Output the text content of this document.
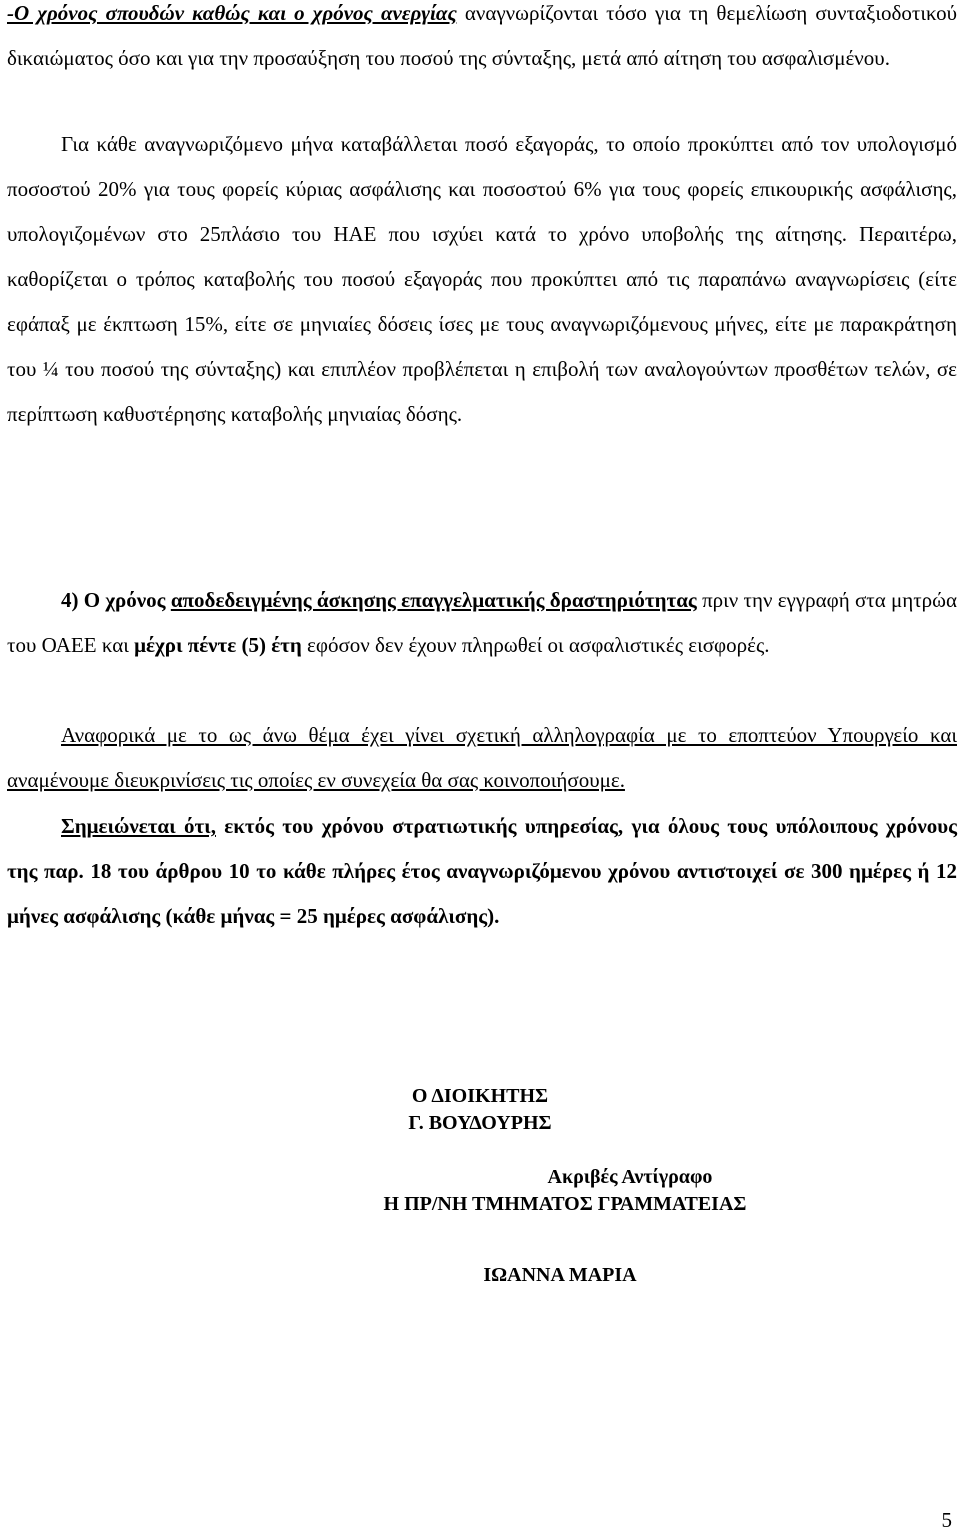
-Ο χρόνος σπουδών καθώς και ο χρόνος ανεργίας αναγνωρίζονται τόσο για τη θεμελίωση συνταξιοδοτικού δικαιώματος όσο και για την προσαύξηση του ποσού της σύνταξης, μετά από αίτηση του ασφαλισμένου.
Για κάθε αναγνωριζόμενο μήνα καταβάλλεται ποσό εξαγοράς, το οποίο προκύπτει από τον υπολογισμό ποσοστού 20% για τους φορείς κύριας ασφάλισης και ποσοστού 6% για τους φορείς επικουρικής ασφάλισης, υπολογιζομένων στο 25πλάσιο του ΗΑΕ που ισχύει κατά το χρόνο υποβολής της αίτησης. Περαιτέρω, καθορίζεται ο τρόπος καταβολής του ποσού εξαγοράς που προκύπτει από τις παραπάνω αναγνωρίσεις (είτε εφάπαξ με έκπτωση 15%, είτε σε μηνιαίες δόσεις ίσες με τους αναγνωριζόμενους μήνες, είτε με παρακράτηση του ¼ του ποσού της σύνταξης) και επιπλέον προβλέπεται η επιβολή των αναλογούντων προσθέτων τελών, σε περίπτωση καθυστέρησης καταβολής μηνιαίας δόσης.
4) Ο χρόνος αποδεδειγμένης άσκησης επαγγελματικής δραστηριότητας πριν την εγγραφή στα μητρώα του ΟΑΕΕ και μέχρι πέντε (5) έτη εφόσον δεν έχουν πληρωθεί οι ασφαλιστικές εισφορές.
Αναφορικά με το ως άνω θέμα έχει γίνει σχετική αλληλογραφία με το εποπτεύον Υπουργείο και αναμένουμε διευκρινίσεις τις οποίες εν συνεχεία θα σας κοινοποιήσουμε.
Σημειώνεται ότι, εκτός του χρόνου στρατιωτικής υπηρεσίας, για όλους τους υπόλοιπους χρόνους της παρ. 18 του άρθρου 10 το κάθε πλήρες έτος αναγνωριζόμενου χρόνου αντιστοιχεί σε 300 ημέρες ή 12 μήνες ασφάλισης (κάθε μήνας = 25 ημέρες ασφάλισης).
Ο ΔΙΟΙΚΗΤΗΣ
Γ. ΒΟΥΔΟΥΡΗΣ
Ακριβές Αντίγραφο
Η ΠΡ/ΝΗ ΤΜΗΜΑΤΟΣ ΓΡΑΜΜΑΤΕΙΑΣ
ΙΩΑΝΝΑ ΜΑΡΙΑ
5
